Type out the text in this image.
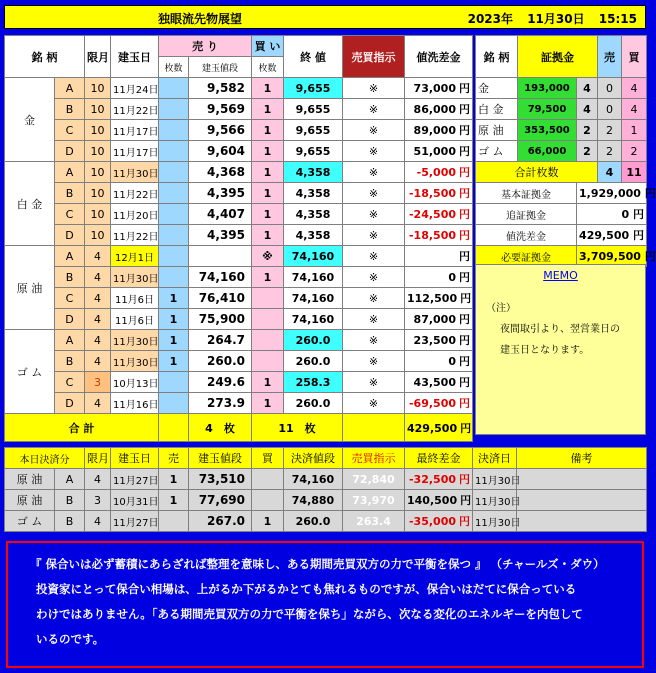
独眼流先物展望	2023年 11月30日 15:15
銘 柄		限月	建玉日	売 り		買 い	終 値	売買指示	値洗差金
				枚数	建玉値段	枚数			
金	A	10	11月24日		9,582	1	9,655	※	73,000 円
	B	10	11月22日		9,569	1	9,655	※	86,000 円
	C	10	11月17日		9,566	1	9,655	※	89,000 円
	D	10	11月17日		9,604	1	9,655	※	51,000 円
白 金	A	10	11月30日		4,368	1	4,358	※	-5,000 円
	B	10	11月22日		4,395	1	4,358	※	-18,500 円
	C	10	11月20日		4,407	1	4,358	※	-24,500 円
	D	10	11月22日		4,395	1	4,358	※	-18,500 円
原 油	A	4	12月1日			※	74,160	※	円
	B	4	11月30日		74,160	1	74,160	※	0 円
	C	4	11月6日	1	76,410		74,160	※	112,500 円
	D	4	11月6日	1	75,900		74,160	※	87,000 円
ゴ ム	A	4	11月30日	1	264.7		260.0	※	23,500 円
	B	4	11月30日	1	260.0		260.0	※	0 円
	C	3	10月13日		249.6	1	258.3	※	43,500 円
	D	4	11月16日		273.9	1	260.0	※	-69,500 円
合 計					4　 枚	11　 枚			429,500 円
銘 柄	証拠金		売	買
金	193,000	4	0	4
白 金	79,500	4	0	4
原 油	353,500	2	2	1
ゴ ム	66,000	2	2	2
合計枚数			4	11
基本証拠金		1,929,000 円		
追証拠金		0 円		
値洗差金		429,500 円		
必要証拠金		3,709,500 円		
MEMO

（注）

夜間取引より、翌営業日の

建玉日となります。

本日決済分		限月	建玉日	売	建玉値段	買	決済値段	売買指示	最終差金	決済日	備考
原 油	A	4	11月27日	1	73,510		74,160	72,840	-32,500 円	11月30日	
原 油	B	3	10月31日	1	77,690		74,880	73,970	140,500 円	11月30日	
ゴ ム	B	4	11月27日		267.0	1	260.0	263.4	-35,000 円	11月30日	
『 保合いは必ず蓄積にあらざれば整理を意味し、ある期間売買双方の力で平衡を保つ 』 （チャールズ・ダウ）
投資家にとって保合い相場は、上がるか下がるかとても焦れるものですが、保合いはだてに保合っている
わけではありません。「ある期間売買双方の力で平衡を保ち」ながら、次なる変化のエネルギーを内包して
いるのです。
